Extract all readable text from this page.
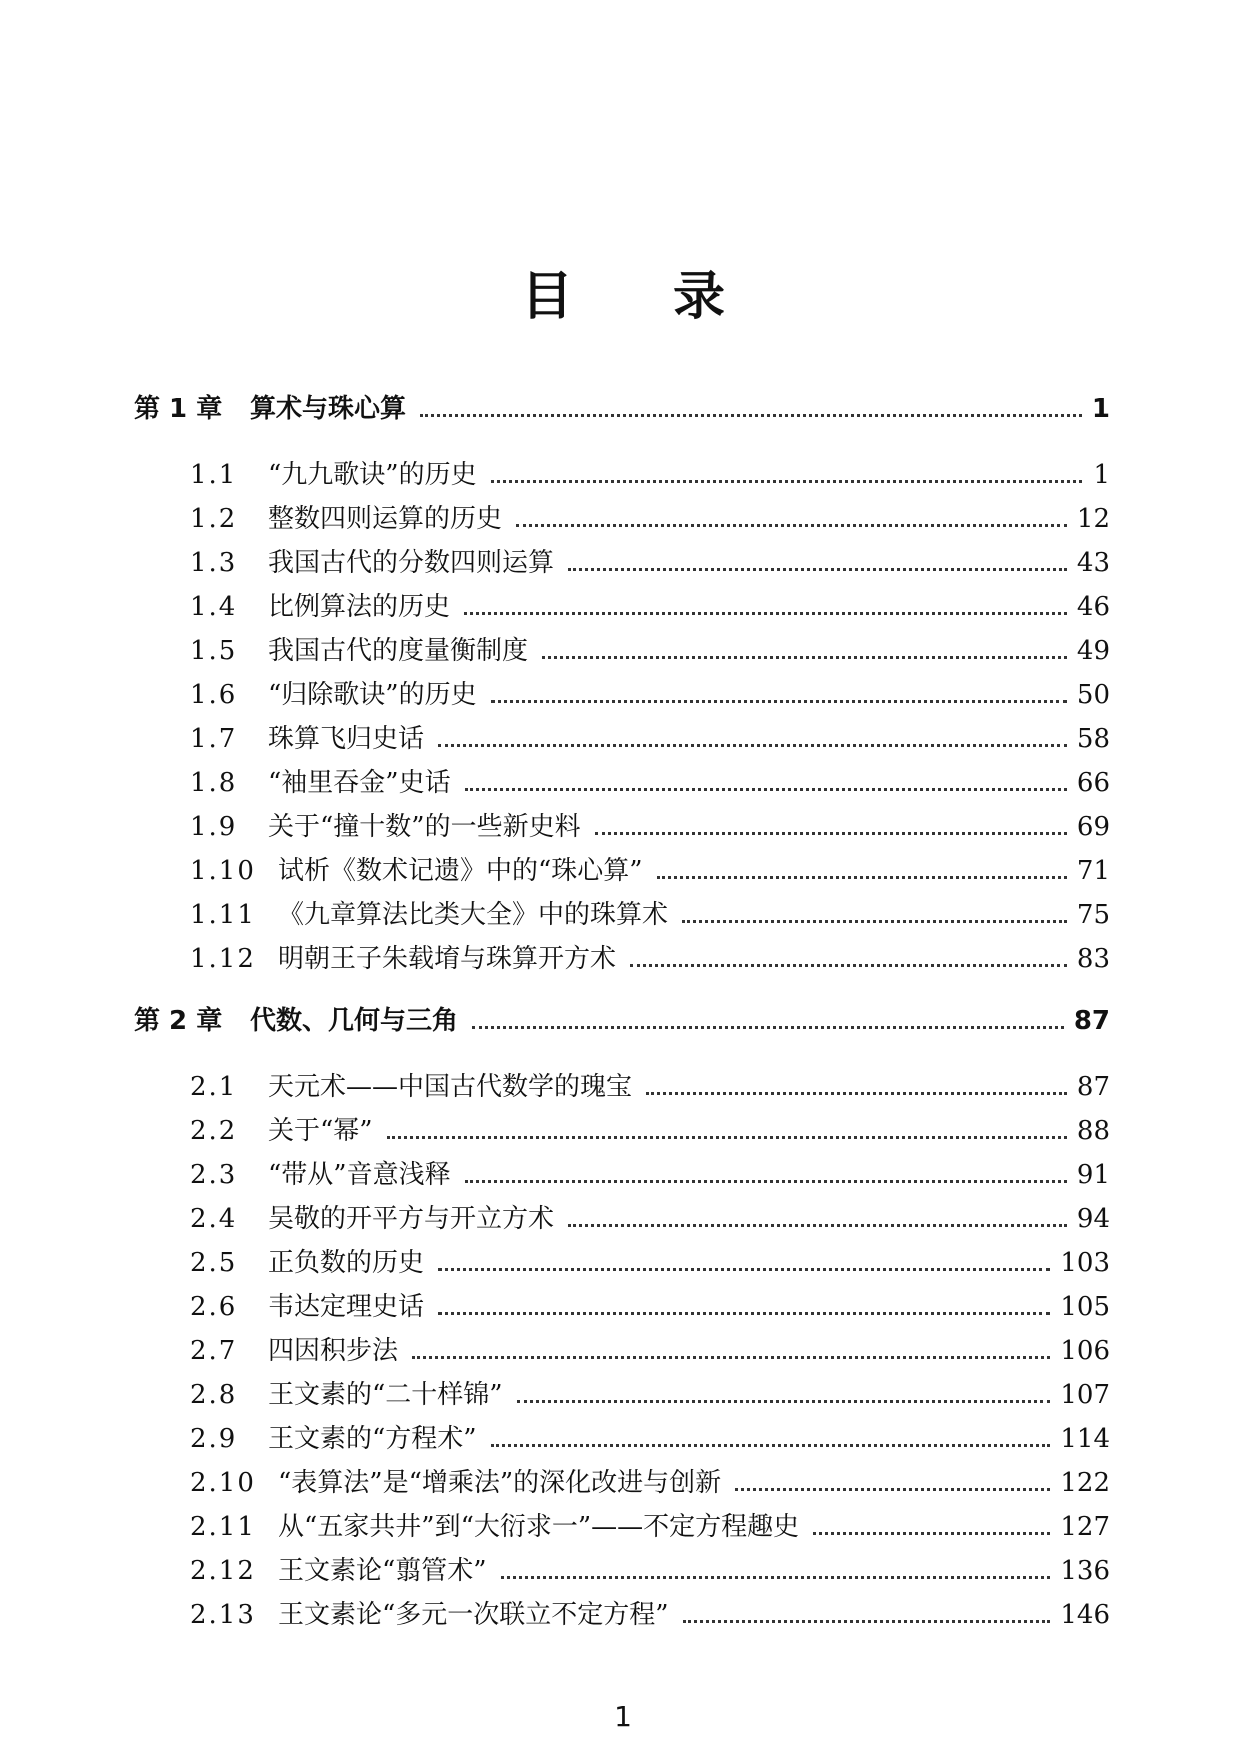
目录
第 1 章	算术与珠心算	1
1.1	“九九歌诀”的历史	1
1.2	整数四则运算的历史	12
1.3	我国古代的分数四则运算	43
1.4	比例算法的历史	46
1.5	我国古代的度量衡制度	49
1.6	“归除歌诀”的历史	50
1.7	珠算飞归史话	58
1.8	“袖里吞金”史话	66
1.9	关于“撞十数”的一些新史料	69
1.10 试析《数术记遗》中的“珠心算”	71
1.11 《九章算法比类大全》中的珠算术	75
1.12 明朝王子朱载堉与珠算开方术	83
第 2 章	代数、几何与三角	87
2.1	天元术——中国古代数学的瑰宝	87
2.2	关于“幂”	88
2.3	“带从”音意浅释	91
2.4	吴敬的开平方与开立方术	94
2.5	正负数的历史	103
2.6	韦达定理史话	105
2.7	四因积步法	106
2.8	王文素的“二十样锦”	107
2.9	王文素的“方程术”	114
2.10 “表算法”是“增乘法”的深化改进与创新	122
2.11 从“五家共井”到“大衍求一”——不定方程趣史	127
2.12 王文素论“翦管术”	136
2.13 王文素论“多元一次联立不定方程”	146
1
